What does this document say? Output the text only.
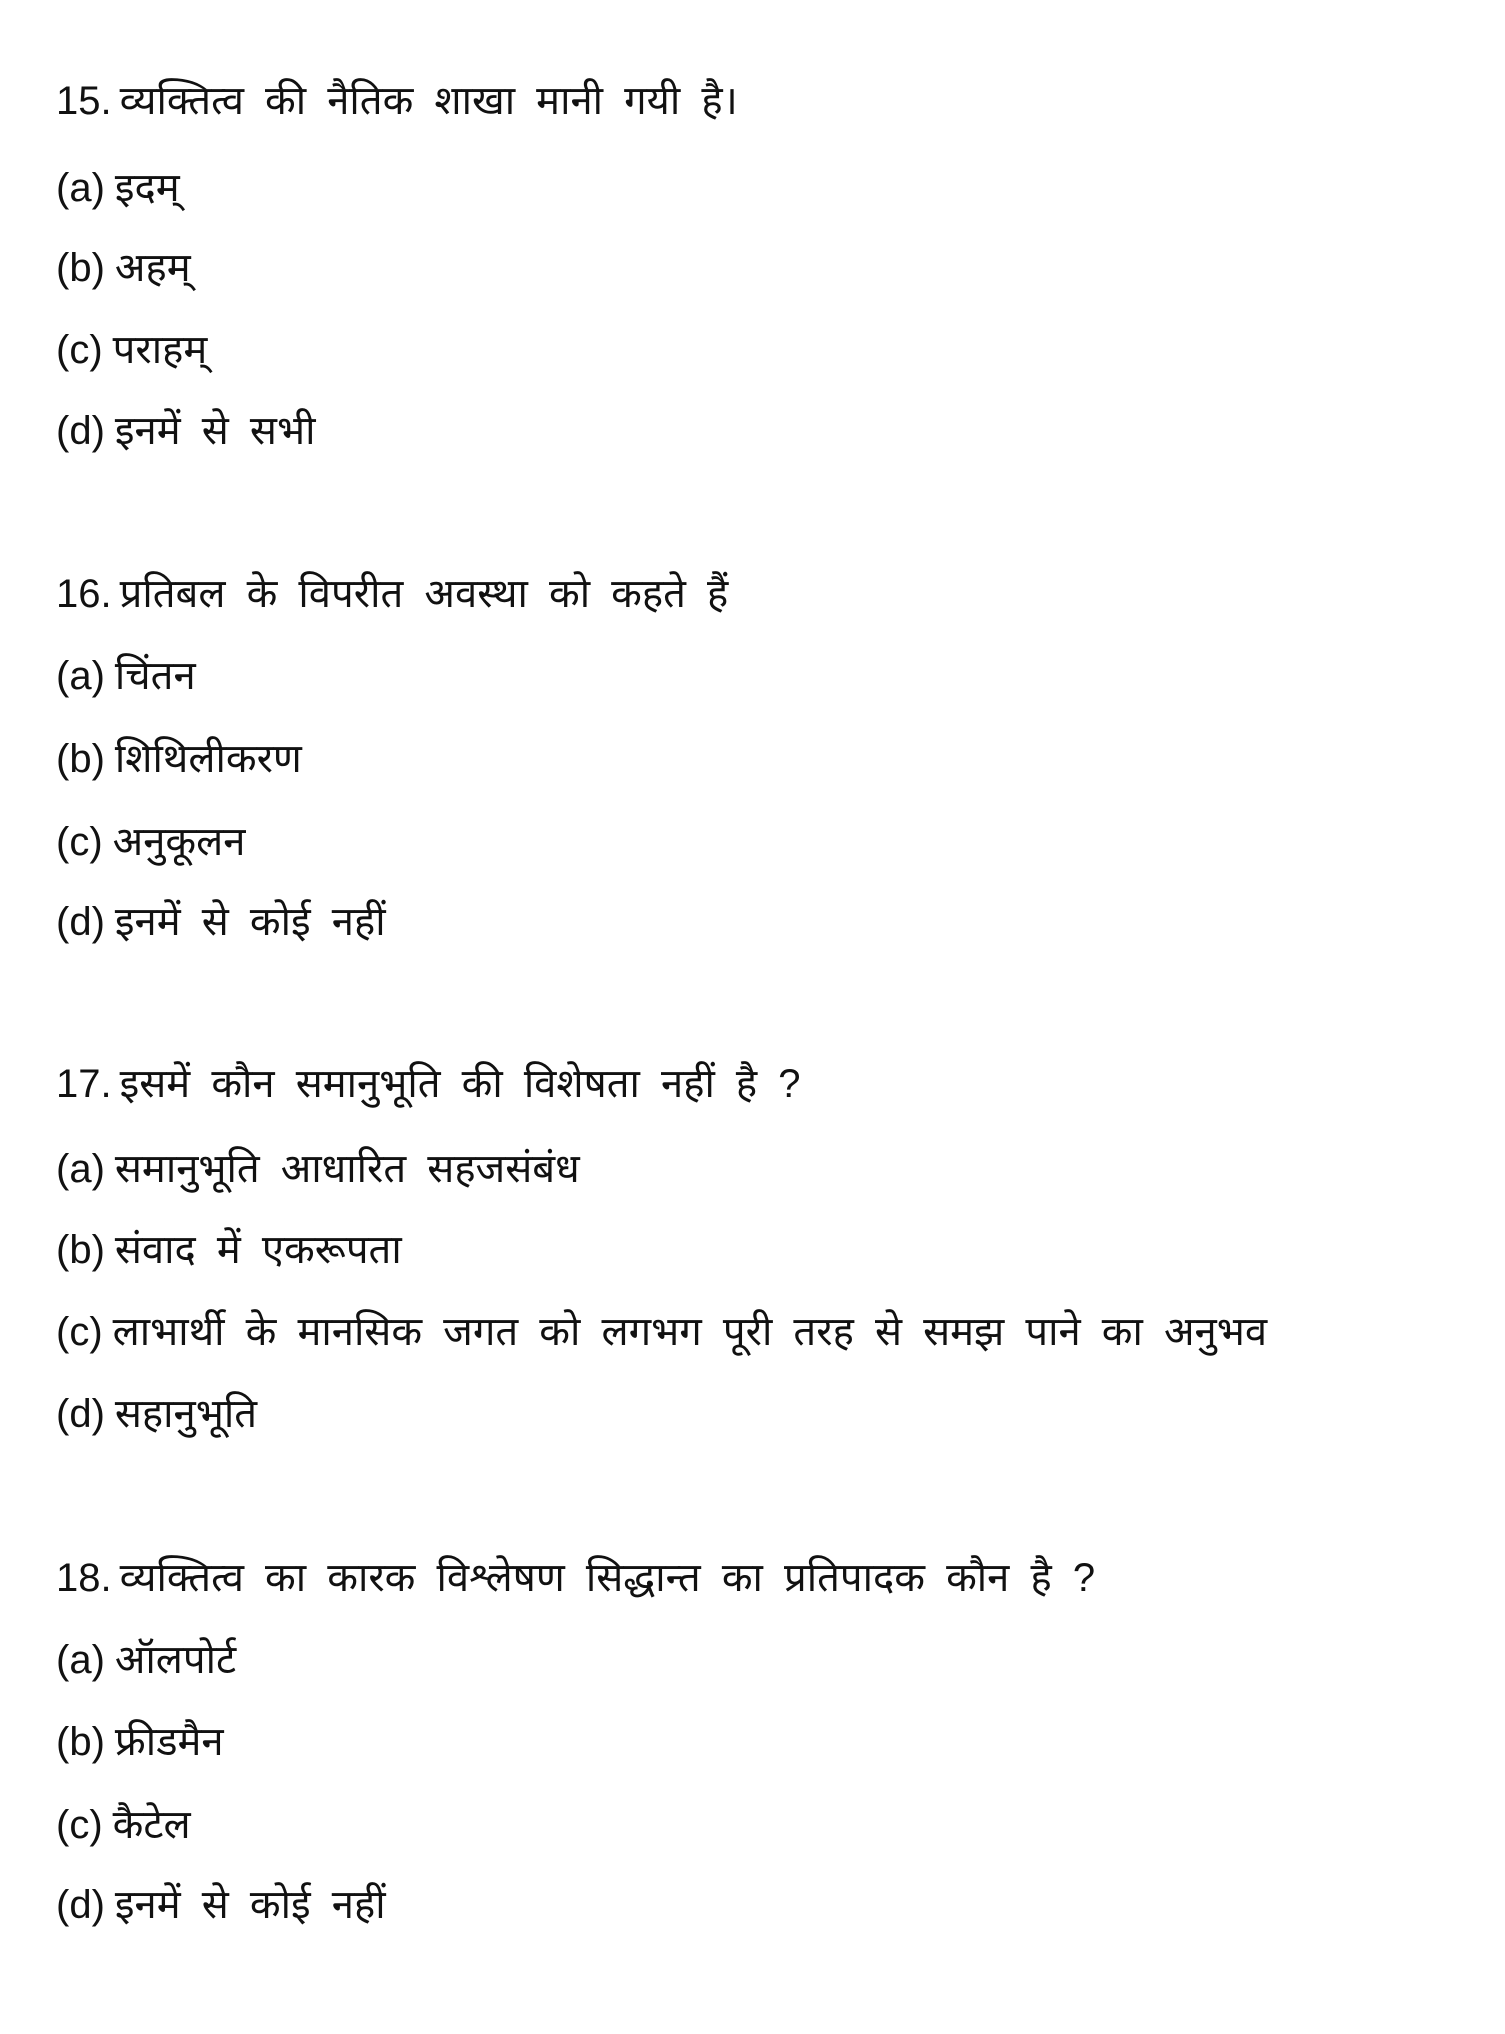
15. व्यक्तित्व की नैतिक शाखा मानी गयी है।
(a) इदम्
(b) अहम्
(c) पराहम्
(d) इनमें से सभी
16. प्रतिबल के विपरीत अवस्था को कहते हैं
(a) चिंतन
(b) शिथिलीकरण
(c) अनुकूलन
(d) इनमें से कोई नहीं
17. इसमें कौन समानुभूति की विशेषता नहीं है ?
(a) समानुभूति आधारित सहजसंबंध
(b) संवाद में एकरूपता
(c) लाभार्थी के मानसिक जगत को लगभग पूरी तरह से समझ पाने का अनुभव
(d) सहानुभूति
18. व्यक्तित्व का कारक विश्लेषण सिद्धान्त का प्रतिपादक कौन है ?
(a) ऑलपोर्ट
(b) फ्रीडमैन
(c) कैटेल
(d) इनमें से कोई नहीं
